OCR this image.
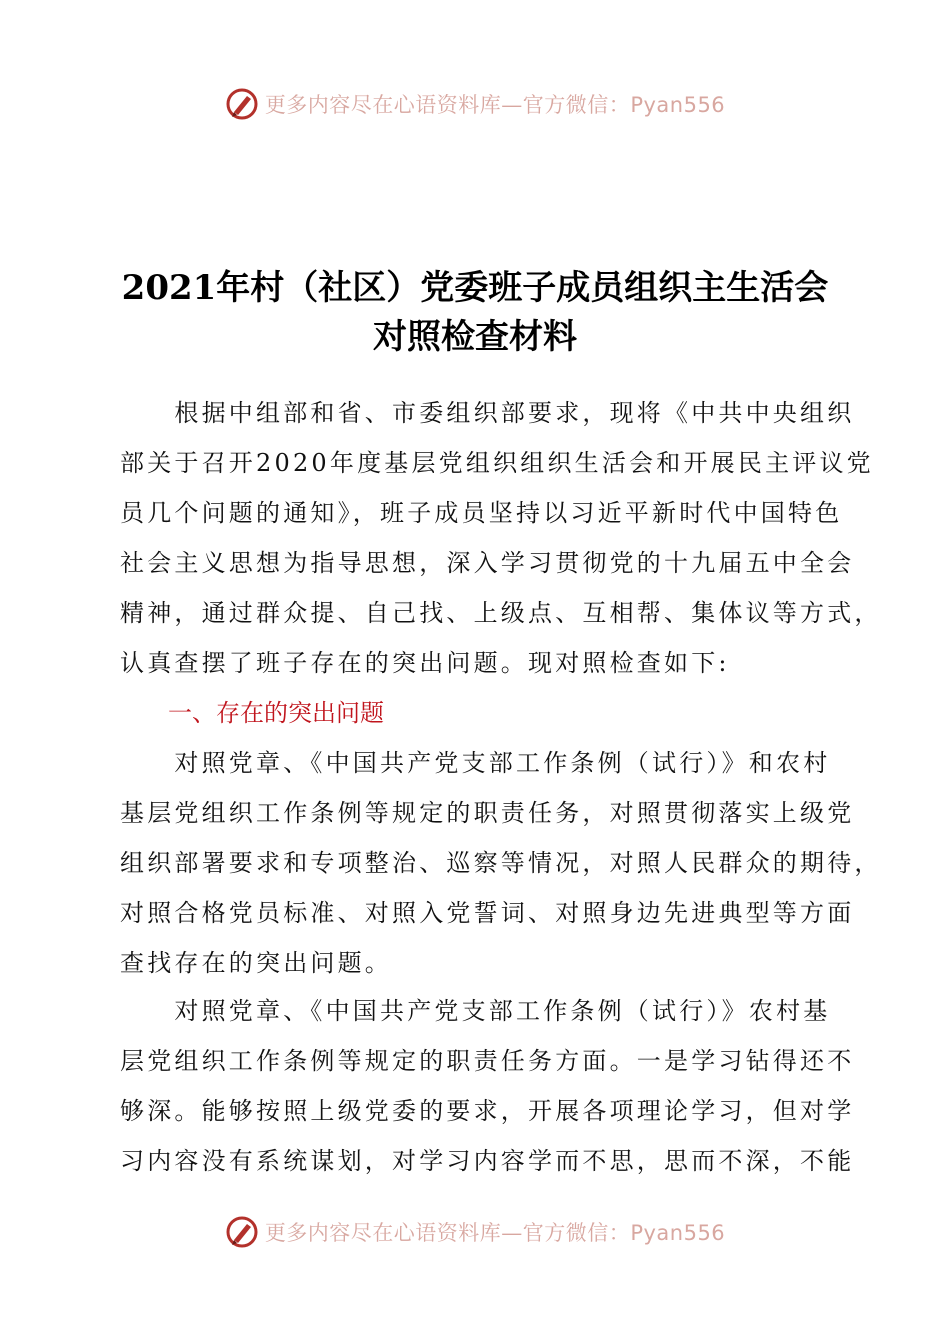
更多内容尽在心语资料库—官方微信：Pyan556
2021年村（社区）党委班子成员组织主生活会
对照检查材料
　　根据中组部和省、市委组织部要求，现将《中共中央组织
部关于召开2020年度基层党组织组织生活会和开展民主评议党
员几个问题的通知》，班子成员坚持以习近平新时代中国特色
社会主义思想为指导思想，深入学习贯彻党的十九届五中全会
精神，通过群众提、自己找、上级点、互相帮、集体议等方式，
认真查摆了班子存在的突出问题。现对照检查如下:
一、存在的突出问题
　　对照党章、《中国共产党支部工作条例（试行）》和农村
基层党组织工作条例等规定的职责任务，对照贯彻落实上级党
组织部署要求和专项整治、巡察等情况，对照人民群众的期待，
对照合格党员标准、对照入党誓词、对照身边先进典型等方面
查找存在的突出问题。
　　对照党章、《中国共产党支部工作条例（试行）》农村基
层党组织工作条例等规定的职责任务方面。一是学习钻得还不
够深。能够按照上级党委的要求，开展各项理论学习，但对学
习内容没有系统谋划，对学习内容学而不思，思而不深，不能
更多内容尽在心语资料库—官方微信：Pyan556
